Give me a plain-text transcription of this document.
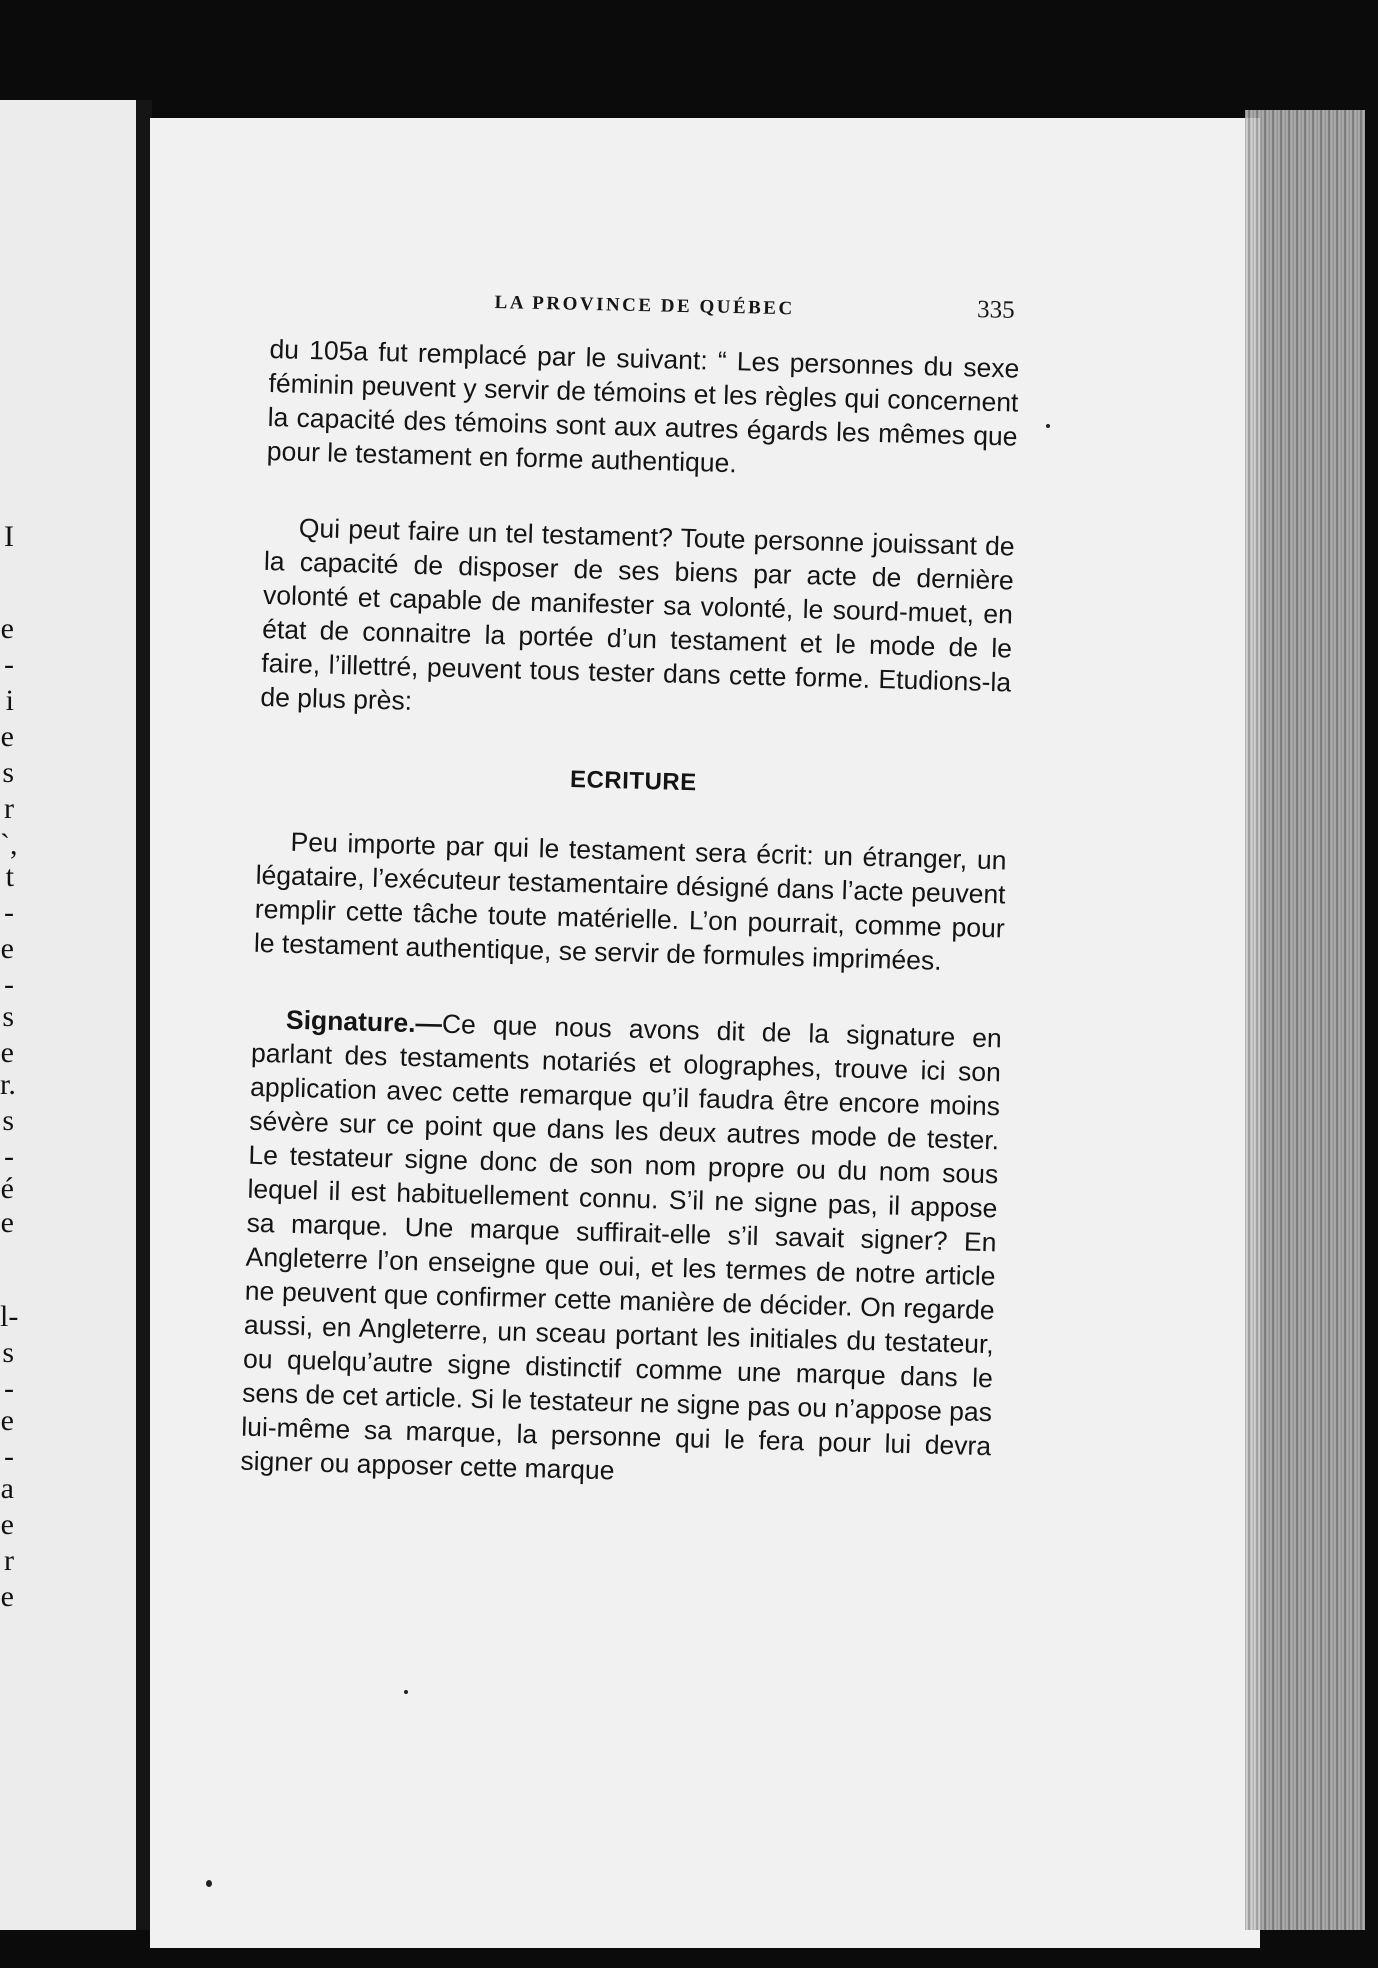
I
e
-
i
e
s
r
`,
t
-
e
-
s
e
r.
s
-
é
e
l-
s
-
e
-
a
e
r
e
LA PROVINCE DE QUÉBEC	335

du 105a fut remplacé par le suivant: “ Les personnes du sexe féminin peuvent y servir de témoins et les règles qui concernent la capacité des témoins sont aux autres égards les mêmes que pour le testament en forme authentique.

Qui peut faire un tel testament? Toute personne jouissant de la capacité de disposer de ses biens par acte de dernière volonté et capable de manifester sa volonté, le sourd-muet, en état de connaitre la portée d’un testament et le mode de le faire, l’illettré, peuvent tous tester dans cette forme. Etudions-la de plus près:

ECRITURE

Peu importe par qui le testament sera écrit: un étranger, un légataire, l’exécuteur testamentaire désigné dans l’acte peuvent remplir cette tâche toute matérielle. L’on pourrait, comme pour le testament authentique, se servir de formules imprimées.

Signature.—Ce que nous avons dit de la signature en parlant des testaments notariés et olographes, trouve ici son application avec cette remarque qu’il faudra être encore moins sévère sur ce point que dans les deux autres mode de tester. Le testateur signe donc de son nom propre ou du nom sous lequel il est habituellement connu. S’il ne signe pas, il appose sa marque. Une marque suffirait-elle s’il savait signer? En Angleterre l’on enseigne que oui, et les termes de notre article ne peuvent que confirmer cette manière de décider. On regarde aussi, en Angleterre, un sceau portant les initiales du testateur, ou quelqu’autre signe distinctif comme une marque dans le sens de cet article. Si le testateur ne signe pas ou n’appose pas lui-même sa marque, la personne qui le fera pour lui devra signer ou apposer cette marque
